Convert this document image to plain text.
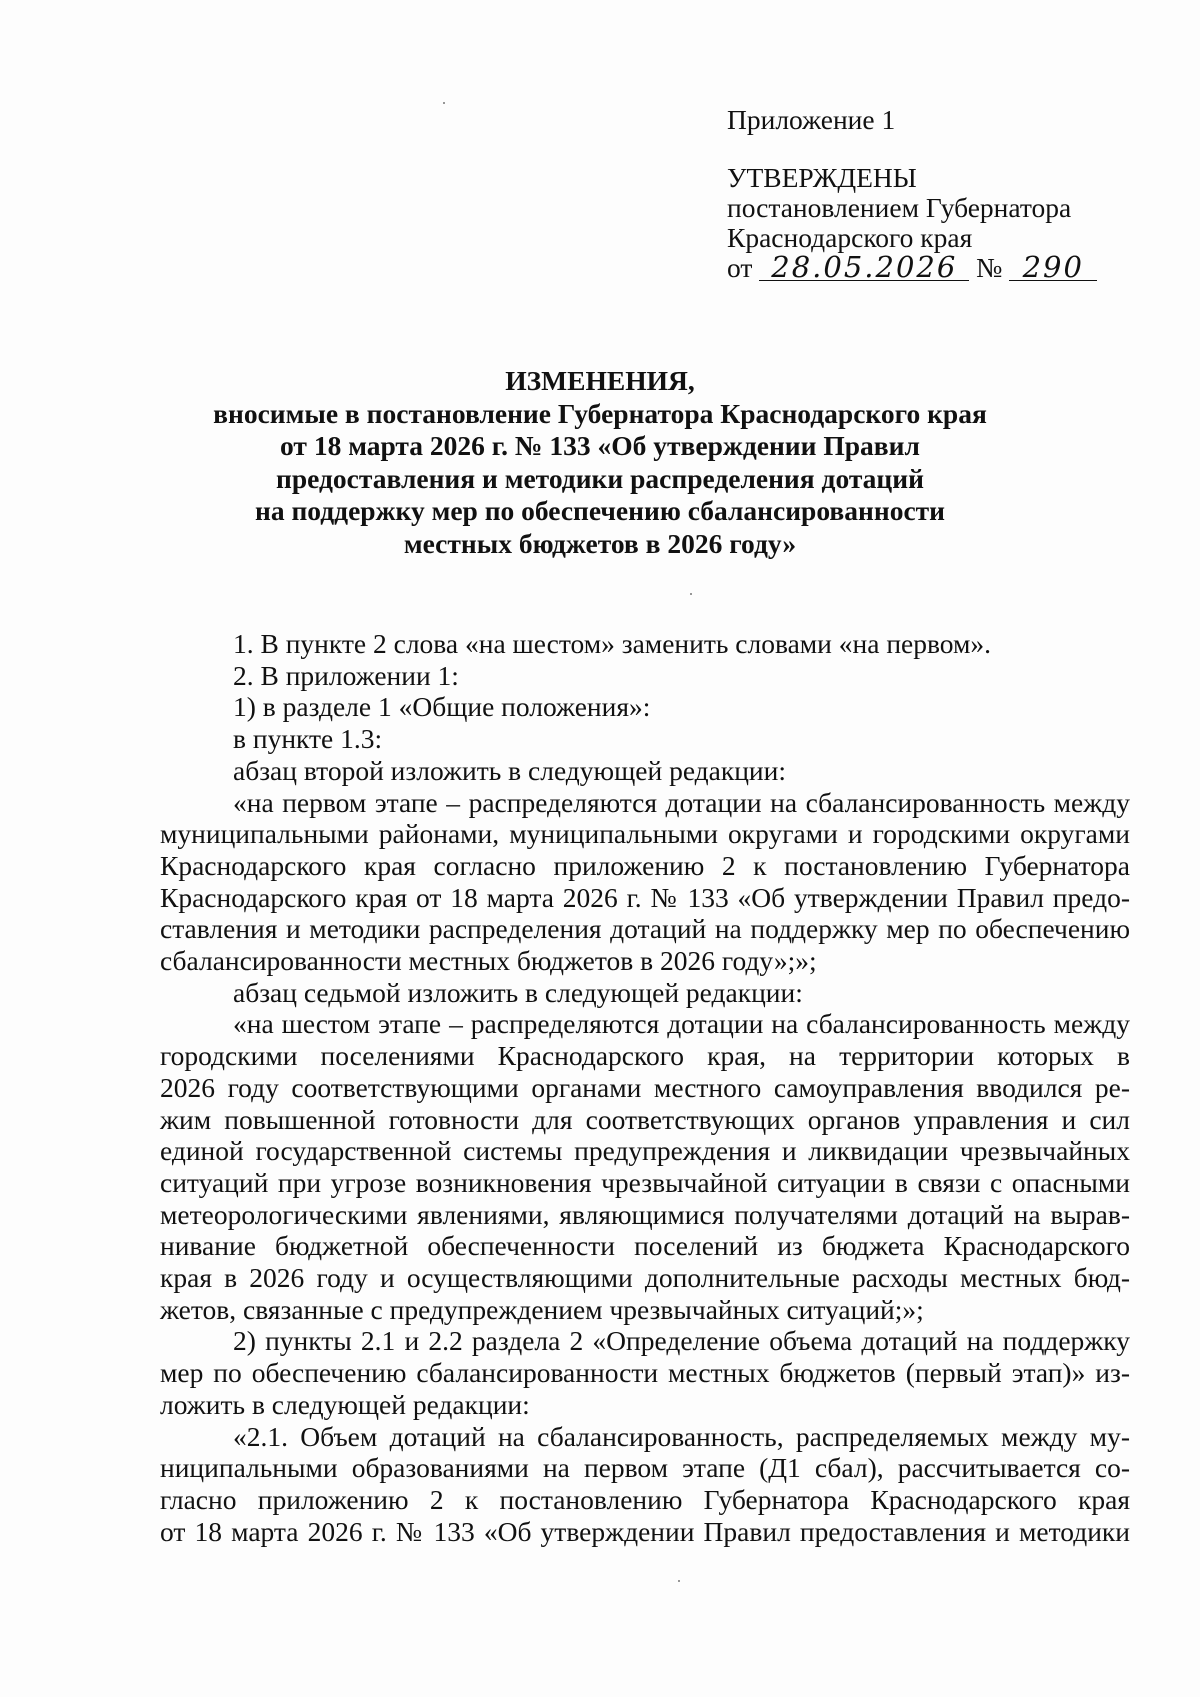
Приложение 1
УТВЕРЖДЕНЫ
постановлением Губернатора
Краснодарского края
от 28.05.2026 № 290
ИЗМЕНЕНИЯ,
вносимые в постановление Губернатора Краснодарского края
от 18 марта 2026 г. № 133 «Об утверждении Правил
предоставления и методики распределения дотаций
на поддержку мер по обеспечению сбалансированности
местных бюджетов в 2026 году»
1. В пункте 2 слова «на шестом» заменить словами «на первом».
2. В приложении 1:
1) в разделе 1 «Общие положения»:
в пункте 1.3:
абзац второй изложить в следующей редакции:
«на первом этапе – распределяются дотации на сбалансированность между
муниципальными районами, муниципальными округами и городскими округами
Краснодарского края согласно приложению 2 к постановлению Губернатора
Краснодарского края от 18 марта 2026 г. № 133 «Об утверждении Правил предо-
ставления и методики распределения дотаций на поддержку мер по обеспечению
сбалансированности местных бюджетов в 2026 году»;»;
абзац седьмой изложить в следующей редакции:
«на шестом этапе – распределяются дотации на сбалансированность между
городскими поселениями Краснодарского края, на территории которых в
2026 году соответствующими органами местного самоуправления вводился ре-
жим повышенной готовности для соответствующих органов управления и сил
единой государственной системы предупреждения и ликвидации чрезвычайных
ситуаций при угрозе возникновения чрезвычайной ситуации в связи с опасными
метеорологическими явлениями, являющимися получателями дотаций на вырав-
нивание бюджетной обеспеченности поселений из бюджета Краснодарского
края в 2026 году и осуществляющими дополнительные расходы местных бюд-
жетов, связанные с предупреждением чрезвычайных ситуаций;»;
2) пункты 2.1 и 2.2 раздела 2 «Определение объема дотаций на поддержку
мер по обеспечению сбалансированности местных бюджетов (первый этап)» из-
ложить в следующей редакции:
«2.1. Объем дотаций на сбалансированность, распределяемых между му-
ниципальными образованиями на первом этапе (Д1 сбал), рассчитывается со-
гласно приложению 2 к постановлению Губернатора Краснодарского края
от 18 марта 2026 г. № 133 «Об утверждении Правил предоставления и методики
